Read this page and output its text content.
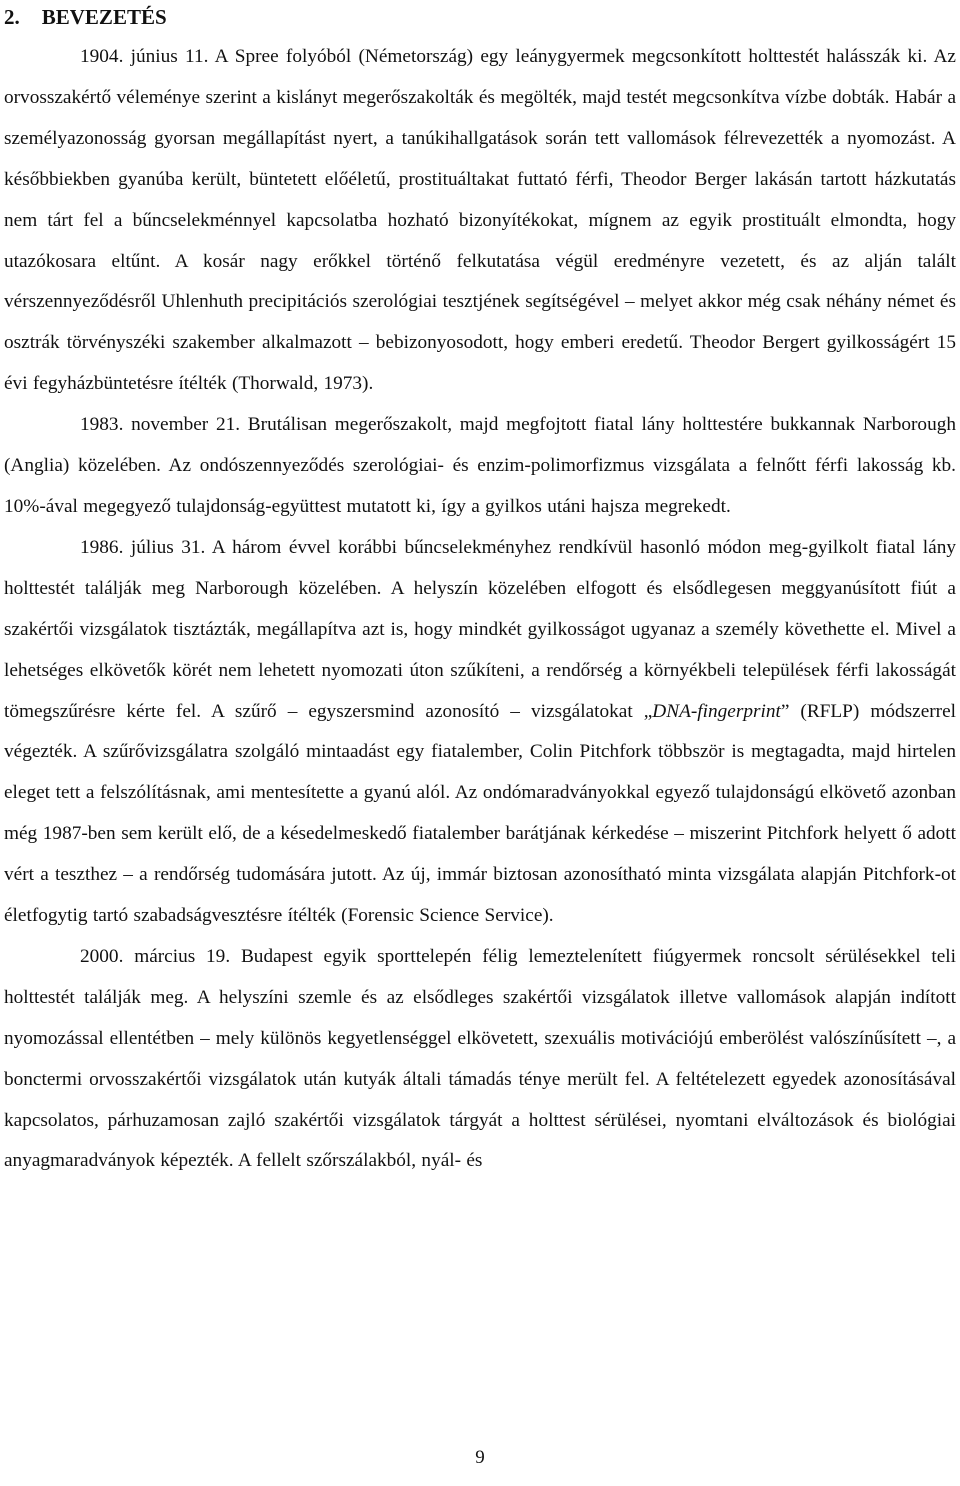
2. BEVEZETÉS

1904. június 11. A Spree folyóból (Németország) egy leánygyermek megcsonkított holttestét halásszák ki. Az orvosszakértő véleménye szerint a kislányt megerőszakolták és megölték, majd testét megcsonkítva vízbe dobták. Habár a személyazonosság gyorsan megállapítást nyert, a tanúkihallgatások során tett vallomások félrevezették a nyomozást. A későbbiekben gyanúba került, büntetett előéletű, prostituáltakat futtató férfi, Theodor Berger lakásán tartott házkutatás nem tárt fel a bűncselekménnyel kapcsolatba hozható bizonyítékokat, mígnem az egyik prostituált elmondta, hogy utazókosara eltűnt. A kosár nagy erőkkel történő felkutatása végül eredményre vezetett, és az alján talált vérszennyeződésről Uhlenhuth precipitációs szerológiai tesztjének segítségével – melyet akkor még csak néhány német és osztrák törvényszéki szakember alkalmazott – bebizonyosodott, hogy emberi eredetű. Theodor Bergert gyilkosságért 15 évi fegyházbüntetésre ítélték (Thorwald, 1973).

1983. november 21. Brutálisan megerőszakolt, majd megfojtott fiatal lány holttestére bukkannak Narborough (Anglia) közelében. Az ondószennyeződés szerológiai- és enzim-polimorfizmus vizsgálata a felnőtt férfi lakosság kb. 10%-ával megegyező tulajdonság-együttest mutatott ki, így a gyilkos utáni hajsza megrekedt.

1986. július 31. A három évvel korábbi bűncselekményhez rendkívül hasonló módon meg-gyilkolt fiatal lány holttestét találják meg Narborough közelében. A helyszín közelében elfogott és elsődlegesen meggyanúsított fiút a szakértői vizsgálatok tisztázták, megállapítva azt is, hogy mindkét gyilkosságot ugyanaz a személy követhette el. Mivel a lehetséges elkövetők körét nem lehetett nyomozati úton szűkíteni, a rendőrség a környékbeli települések férfi lakosságát tömegszűrésre kérte fel. A szűrő – egyszersmind azonosító – vizsgálatokat „DNA-fingerprint” (RFLP) módszerrel végezték. A szűrővizsgálatra szolgáló mintaadást egy fiatalember, Colin Pitchfork többször is megtagadta, majd hirtelen eleget tett a felszólításnak, ami mentesítette a gyanú alól. Az ondómaradványokkal egyező tulajdonságú elkövető azonban még 1987-ben sem került elő, de a késedelmeskedő fiatalember barátjának kérkedése – miszerint Pitchfork helyett ő adott vért a teszthez – a rendőrség tudomására jutott. Az új, immár biztosan azonosítható minta vizsgálata alapján Pitchfork-ot életfogytig tartó szabadságvesztésre ítélték (Forensic Science Service).

2000. március 19. Budapest egyik sporttelepén félig lemeztelenített fiúgyermek roncsolt sérülésekkel teli holttestét találják meg. A helyszíni szemle és az elsődleges szakértői vizsgálatok illetve vallomások alapján indított nyomozással ellentétben – mely különös kegyetlenséggel elkövetett, szexuális motivációjú emberölést valószínűsített –, a bonctermi orvosszakértői vizsgálatok után kutyák általi támadás ténye merült fel. A feltételezett egyedek azonosításával kapcsolatos, párhuzamosan zajló szakértői vizsgálatok tárgyát a holttest sérülései, nyomtani elváltozások és biológiai anyagmaradványok képezték. A fellelt szőrszálakból, nyál- és

9
